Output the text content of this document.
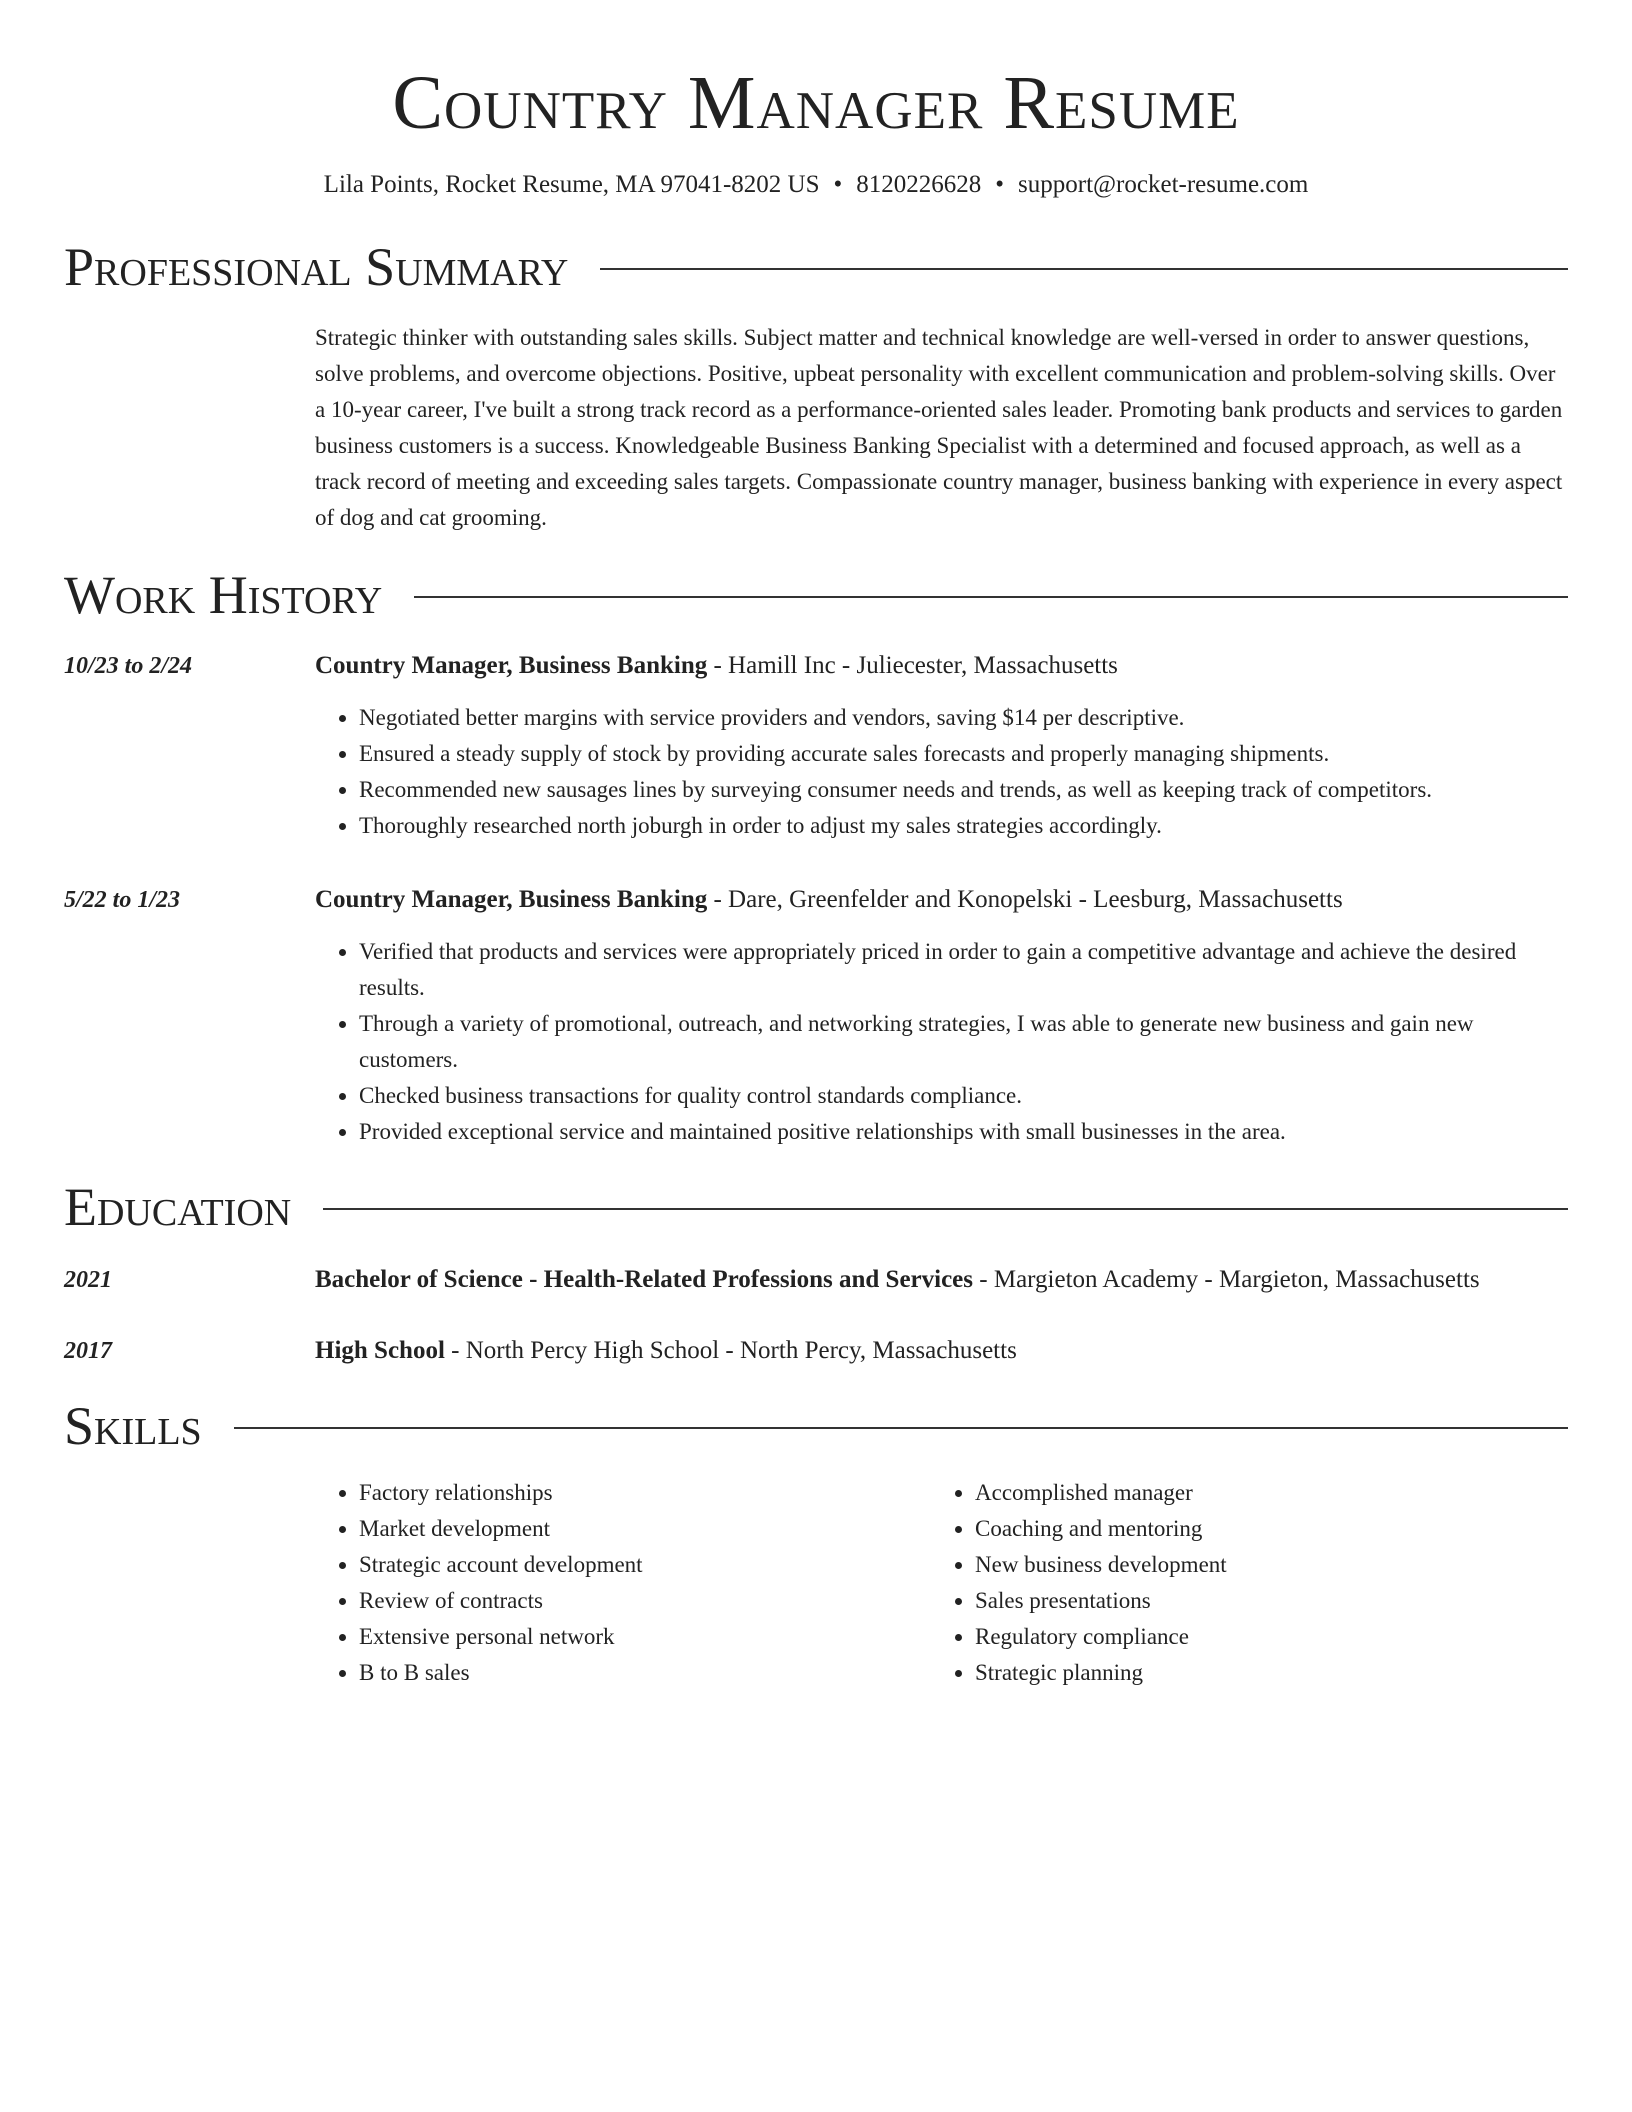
Country Manager Resume
Lila Points, Rocket Resume, MA 97041-8202 US • 8120226628 • support@rocket-resume.com
Professional Summary
Strategic thinker with outstanding sales skills. Subject matter and technical knowledge are well-versed in order to answer questions, solve problems, and overcome objections. Positive, upbeat personality with excellent communication and problem-solving skills. Over a 10-year career, I've built a strong track record as a performance-oriented sales leader. Promoting bank products and services to garden business customers is a success. Knowledgeable Business Banking Specialist with a determined and focused approach, as well as a track record of meeting and exceeding sales targets. Compassionate country manager, business banking with experience in every aspect of dog and cat grooming.
Work History
10/23 to 2/24	Country Manager, Business Banking - Hamill Inc - Juliecester, Massachusetts
• Negotiated better margins with service providers and vendors, saving $14 per descriptive.
• Ensured a steady supply of stock by providing accurate sales forecasts and properly managing shipments.
• Recommended new sausages lines by surveying consumer needs and trends, as well as keeping track of competitors.
• Thoroughly researched north joburgh in order to adjust my sales strategies accordingly.
5/22 to 1/23	Country Manager, Business Banking - Dare, Greenfelder and Konopelski - Leesburg, Massachusetts
• Verified that products and services were appropriately priced in order to gain a competitive advantage and achieve the desired results.
• Through a variety of promotional, outreach, and networking strategies, I was able to generate new business and gain new customers.
• Checked business transactions for quality control standards compliance.
• Provided exceptional service and maintained positive relationships with small businesses in the area.
Education
2021	Bachelor of Science - Health-Related Professions and Services - Margieton Academy - Margieton, Massachusetts
2017	High School - North Percy High School - North Percy, Massachusetts
Skills
• Factory relationships
• Market development
• Strategic account development
• Review of contracts
• Extensive personal network
• B to B sales
• Accomplished manager
• Coaching and mentoring
• New business development
• Sales presentations
• Regulatory compliance
• Strategic planning
